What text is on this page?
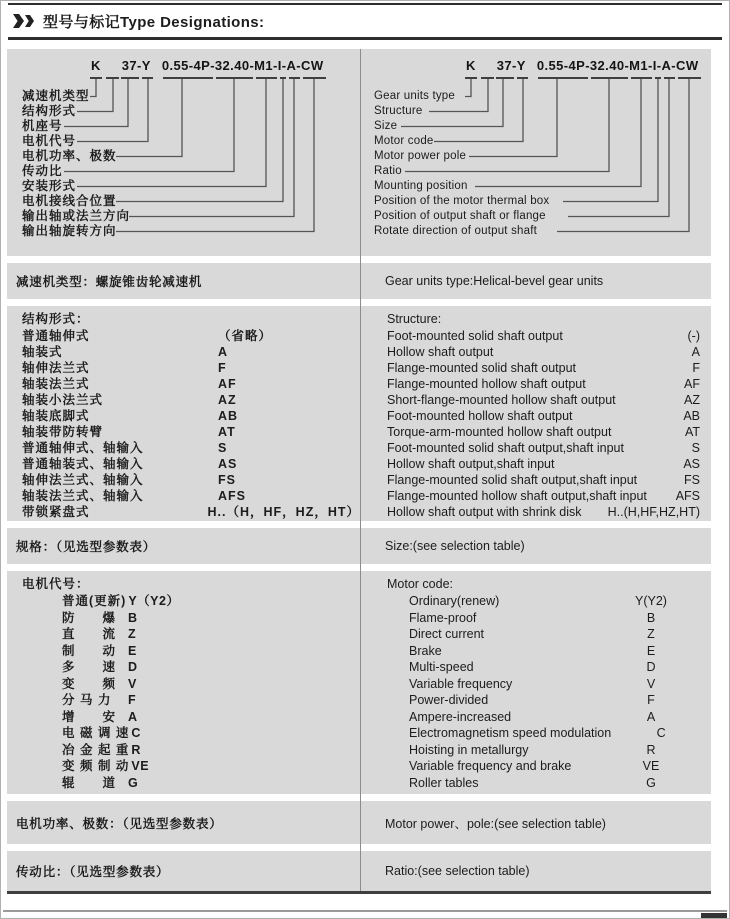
型号与标记Type Designations:
K 37-Y 0.55-4P-32.40-M1-I-A-CW
减速机类型
结构形式
机座号
电机代号
电机功率、极数
传动比
安装形式
电机接线合位置
输出轴或法兰方向
输出轴旋转方向
K 37-Y 0.55-4P-32.40-M1-I-A-CW
Gear units type
Structure
Size
Motor code
Motor power pole
Ratio
Mounting position
Position of the motor thermal box
Position of output shaft or flange
Rotate direction of output shaft
减速机类型：螺旋锥齿轮减速机	Gear units type:Helical-bevel gear units
结构形式：
普通轴伸式	（省略）
轴装式	A
轴伸法兰式	F
轴装法兰式	AF
轴装小法兰式	AZ
轴装底脚式	AB
轴装带防转臂	AT
普通轴伸式、轴输入	S
普通轴装式、轴输入	AS
轴伸法兰式、轴输入	FS
轴装法兰式、轴输入	AFS
带锁紧盘式	H..（H，HF，HZ，HT）
Structure:
Foot-mounted solid shaft output	(-)
Hollow shaft output	A
Flange-mounted solid shaft output	F
Flange-mounted hollow shaft output	AF
Short-flange-mounted hollow shaft output	AZ
Foot-mounted hollow shaft output	AB
Torque-arm-mounted hollow shaft output	AT
Foot-mounted solid shaft output,shaft input	S
Hollow shaft output,shaft input	AS
Flange-mounted solid shaft output,shaft input	FS
Flange-mounted hollow shaft output,shaft input	AFS
Hollow shaft output with shrink disk	H..(H,HF,HZ,HT)
规格：（见选型参数表）	Size:(see selection table)
电机代号：
普通(更新) Y（Y2）
防　　爆 B
直　　流 Z
制　　动 E
多　　速 D
变　　频 V
分 马 力 F
增　　安 A
电 磁 调 速 C
冶 金 起 重 R
变 频 制 动 VE
辊　　道 G
Motor code:
Ordinary(renew)	Y(Y2)
Flame-proof	B
Direct current	Z
Brake	E
Multi-speed	D
Variable frequency	V
Power-divided	F
Ampere-increased	A
Electromagnetism speed modulation	C
Hoisting in metallurgy	R
Variable frequency and brake	VE
Roller tables	G
电机功率、极数：（见选型参数表）	Motor power、pole:(see selection table)
传动比：（见选型参数表）	Ratio:(see selection table)
